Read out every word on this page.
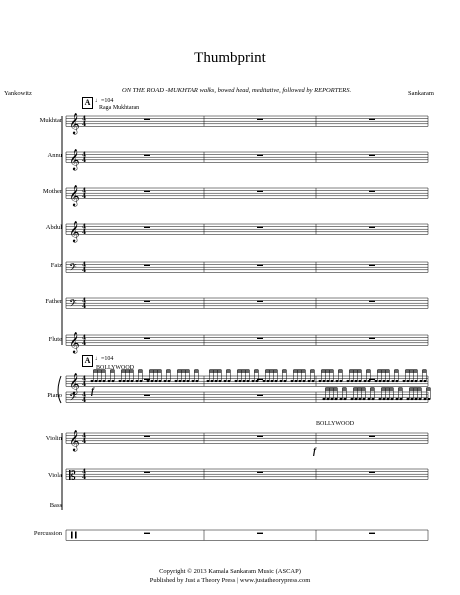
Thumbprint
Yankowitz	Sankaram
ON THE ROAD -MUKHTAR walks, bowed head, meditative, followed by REPORTERS.
A ♩=104
Raga Mukhtaran
A ♩=104
BOLLYWOOD
BOLLYWOOD
f
f
Mukhtar
Annu
Mother
Abdul
Faiz
Father
Flute
Piano
Violin
Viola
Bass
Percussion
𝄞 4
4
𝄞 4
4
𝄞 4
4
𝄞 4
4
𝄢 4
4
𝄢 4
4
𝄞 4
4
𝄞 4
4
𝄢 4
4
𝄞 4
4
𝄡 4
4
Copyright © 2013 Kamala Sankaram Music (ASCAP)
Published by Just a Theory Press | www.justatheorypress.com
